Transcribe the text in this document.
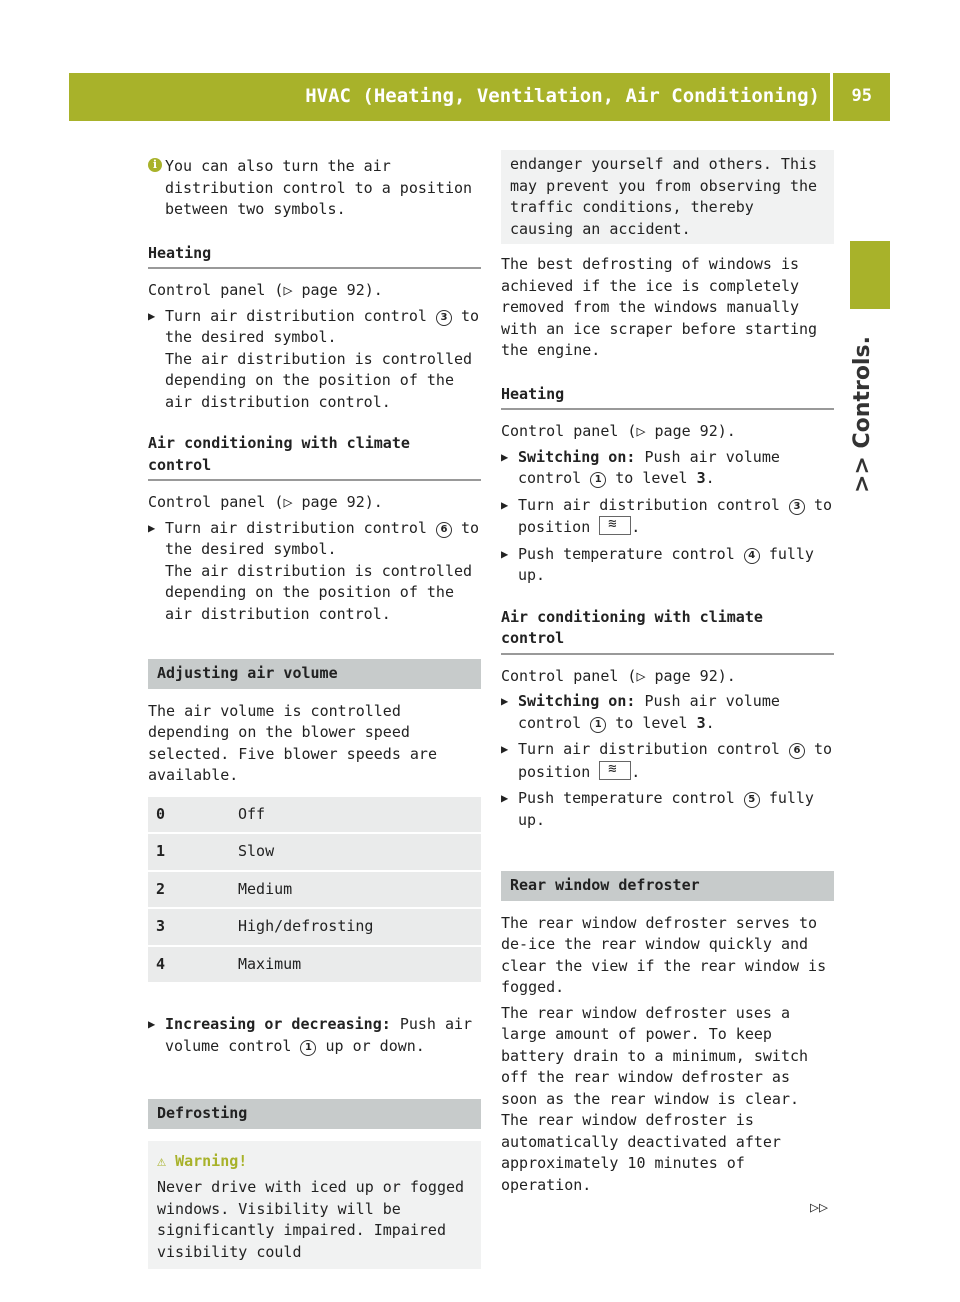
HVAC (Heating, Ventilation, Air Conditioning) 95
>> Controls.
i You can also turn the air distribution control to a position between two symbols.
Heating

Control panel (▷ page 92).

▶ Turn air distribution control 3 to the desired symbol.
The air distribution is controlled depending on the position of the air distribution control.
Air conditioning with climate control

Control panel (▷ page 92).

▶ Turn air distribution control 6 to the desired symbol.
The air distribution is controlled depending on the position of the air distribution control.
Adjusting air volume

The air volume is controlled depending on the blower speed selected. Five blower speeds are available.

0	Off
1	Slow
2	Medium
3	High/defrosting
4	Maximum
▶ Increasing or decreasing: Push air volume control 1 up or down.
Defrosting
⚠ Warning!

Never drive with iced up or fogged windows. Visibility will be significantly impaired. Impaired visibility could

endanger yourself and others. This may prevent you from observing the traffic conditions, thereby causing an accident.

The best defrosting of windows is achieved if the ice is completely removed from the windows manually with an ice scraper before starting the engine.

Heating

Control panel (▷ page 92).

▶ Switching on: Push air volume control 1 to level 3.
▶ Turn air distribution control 3 to position ≋	.
▶ Push temperature control 4 fully up.
Air conditioning with climate control

Control panel (▷ page 92).

▶ Switching on: Push air volume control 1 to level 3.
▶ Turn air distribution control 6 to position ≋	.
▶ Push temperature control 5 fully up.
Rear window defroster

The rear window defroster serves to de-ice the rear window quickly and clear the view if the rear window is fogged.

The rear window defroster uses a large amount of power. To keep battery drain to a minimum, switch off the rear window defroster as soon as the rear window is clear. The rear window defroster is automatically deactivated after approximately 10 minutes of operation.

▷▷
